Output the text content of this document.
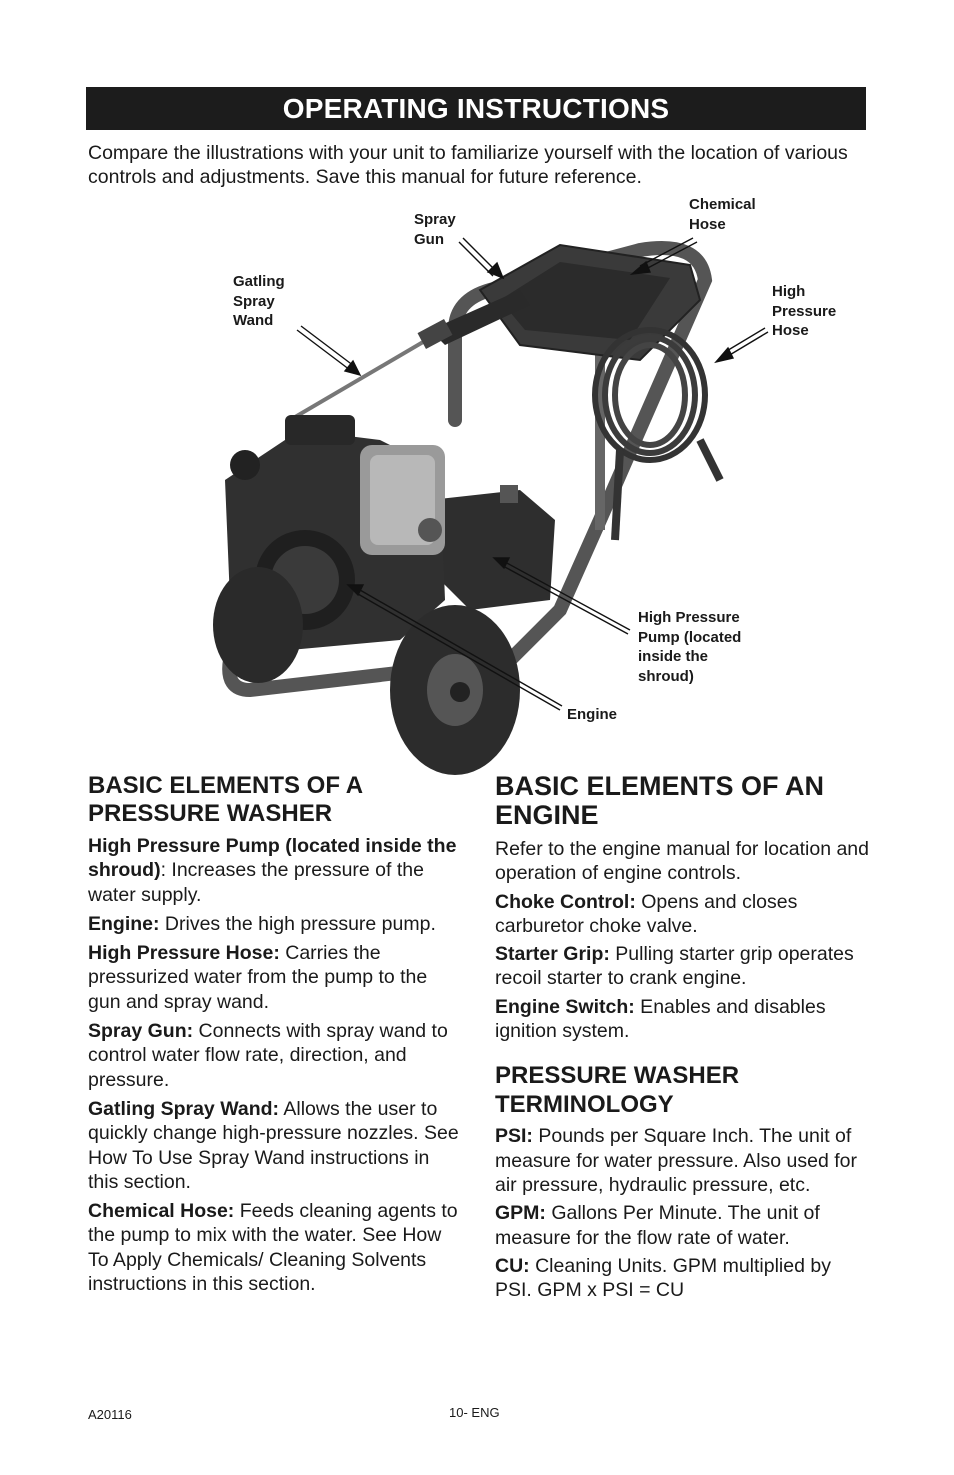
OPERATING INSTRUCTIONS

Compare the illustrations with your unit to familiarize yourself with the location of various controls and adjustments. Save this manual for future reference.

Spray
Gun

Chemical
Hose

Gatling
Spray
Wand

High
Pressure
Hose

High Pressure
Pump (located
inside the
shroud)

Engine

BASIC ELEMENTS OF A PRESSURE WASHER

High Pressure Pump (located inside the shroud): Increases the pressure of the water supply.

Engine: Drives the high pressure pump.

High Pressure Hose: Carries the pressurized water from the pump to the gun and spray wand.

Spray Gun: Connects with spray wand to control water flow rate, direction, and pressure.

Gatling Spray Wand: Allows the user to quickly change high-pressure nozzles. See How To Use Spray Wand instructions in this section.

Chemical Hose: Feeds cleaning agents to the pump to mix with the water. See How To Apply Chemicals/ Cleaning Solvents instructions in this section.

BASIC ELEMENTS OF AN ENGINE

Refer to the engine manual for location and operation of engine controls.

Choke Control: Opens and closes carburetor choke valve.

Starter Grip: Pulling starter grip operates recoil starter to crank engine.

Engine Switch: Enables and disables ignition system.

PRESSURE WASHER TERMINOLOGY

PSI: Pounds per Square Inch. The unit of measure for water pressure. Also used for air pressure, hydraulic pressure, etc.

GPM: Gallons Per Minute. The unit of measure for the flow rate of water.

CU: Cleaning Units. GPM multiplied by PSI. GPM x PSI = CU

A20116	10- ENG
